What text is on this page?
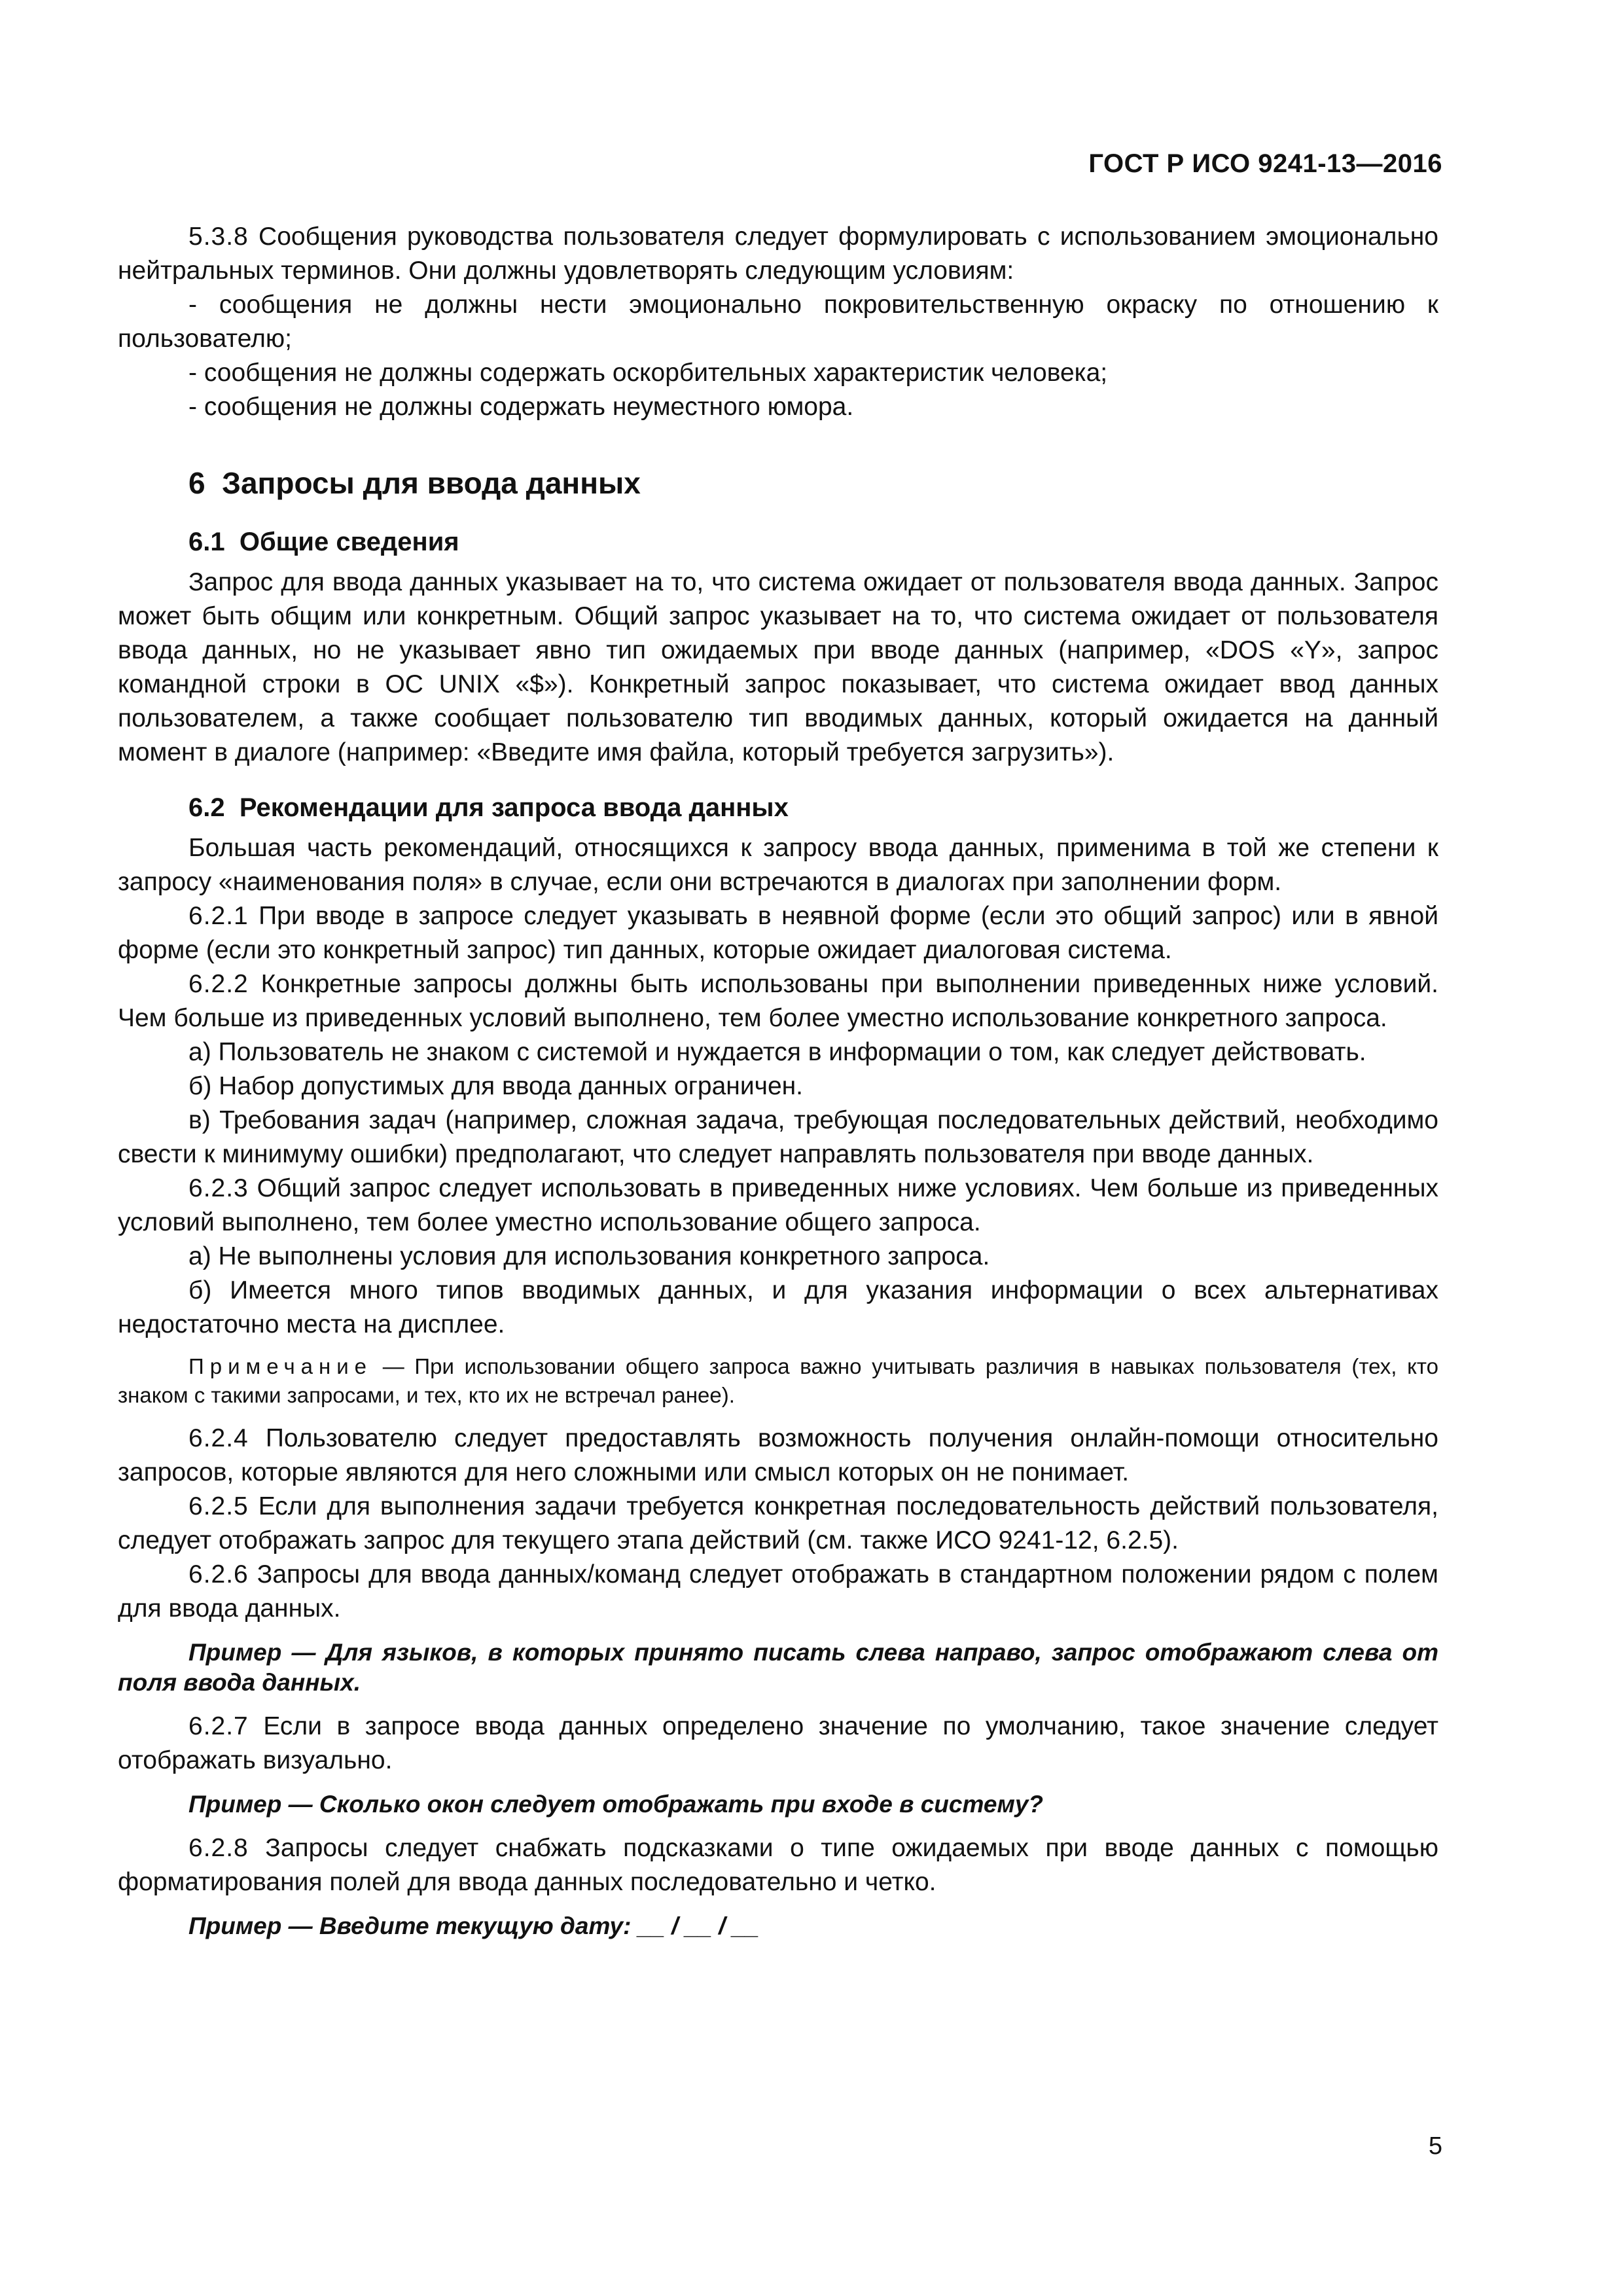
ГОСТ Р ИСО 9241-13—2016

5.3.8 Сообщения руководства пользователя следует формулировать с использованием эмоционально нейтральных терминов. Они должны удовлетворять следующим условиям:

- сообщения не должны нести эмоционально покровительственную окраску по отношению к пользователю;

- сообщения не должны содержать оскорбительных характеристик человека;

- сообщения не должны содержать неуместного юмора.

6 Запросы для ввода данных
6.1 Общие сведения

Запрос для ввода данных указывает на то, что система ожидает от пользователя ввода данных. Запрос может быть общим или конкретным. Общий запрос указывает на то, что система ожидает от пользователя ввода данных, но не указывает явно тип ожидаемых при вводе данных (например, «DOS «Y», запрос командной строки в ОС UNIX «$»). Конкретный запрос показывает, что система ожидает ввод данных пользователем, а также сообщает пользователю тип вводимых данных, который ожидается на данный момент в диалоге (например: «Введите имя файла, который требуется загрузить»).

6.2 Рекомендации для запроса ввода данных

Большая часть рекомендаций, относящихся к запросу ввода данных, применима в той же степени к запросу «наименования поля» в случае, если они встречаются в диалогах при заполнении форм.

6.2.1 При вводе в запросе следует указывать в неявной форме (если это общий запрос) или в явной форме (если это конкретный запрос) тип данных, которые ожидает диалоговая система.

6.2.2 Конкретные запросы должны быть использованы при выполнении приведенных ниже условий. Чем больше из приведенных условий выполнено, тем более уместно использование конкретного запроса.

а) Пользователь не знаком с системой и нуждается в информации о том, как следует действовать.

б) Набор допустимых для ввода данных ограничен.

в) Требования задач (например, сложная задача, требующая последовательных действий, необходимо свести к минимуму ошибки) предполагают, что следует направлять пользователя при вводе данных.

6.2.3 Общий запрос следует использовать в приведенных ниже условиях. Чем больше из приведенных условий выполнено, тем более уместно использование общего запроса.

а) Не выполнены условия для использования конкретного запроса.

б) Имеется много типов вводимых данных, и для указания информации о всех альтернативах недостаточно места на дисплее.

Примечание — При использовании общего запроса важно учитывать различия в навыках пользователя (тех, кто знаком с такими запросами, и тех, кто их не встречал ранее).

6.2.4 Пользователю следует предоставлять возможность получения онлайн-помощи относительно запросов, которые являются для него сложными или смысл которых он не понимает.

6.2.5 Если для выполнения задачи требуется конкретная последовательность действий пользователя, следует отображать запрос для текущего этапа действий (см. также ИСО 9241-12, 6.2.5).

6.2.6 Запросы для ввода данных/команд следует отображать в стандартном положении рядом с полем для ввода данных.

Пример — Для языков, в которых принято писать слева направо, запрос отображают слева от поля ввода данных.

6.2.7 Если в запросе ввода данных определено значение по умолчанию, такое значение следует отображать визуально.

Пример — Сколько окон следует отображать при входе в систему?

6.2.8 Запросы следует снабжать подсказками о типе ожидаемых при вводе данных с помощью форматирования полей для ввода данных последовательно и четко.

Пример — Введите текущую дату: __ / __ / __

5
